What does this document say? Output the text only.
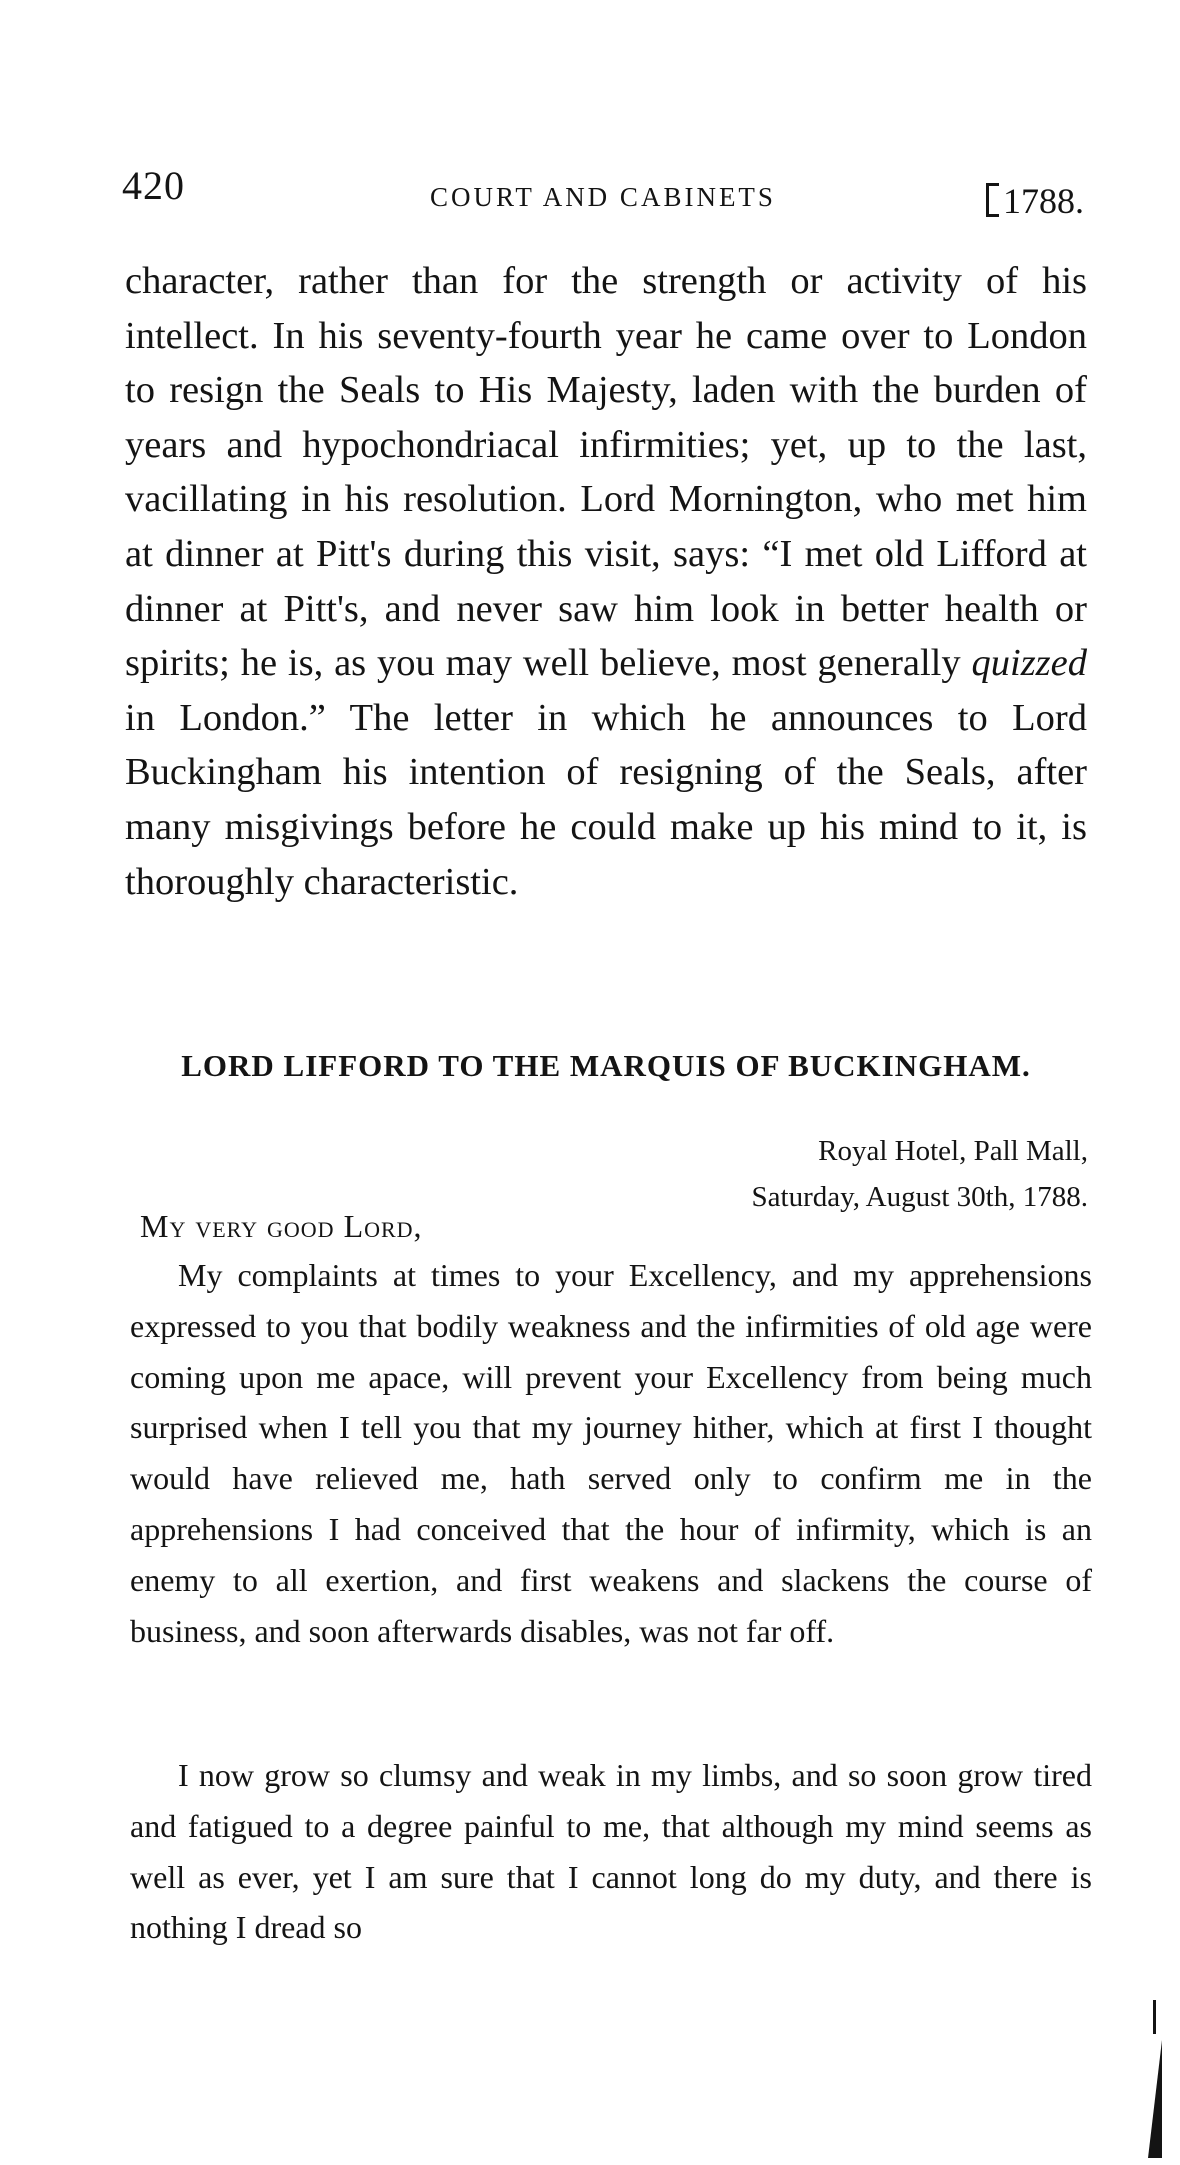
420	COURT AND CABINETS	1788.

character, rather than for the strength or activity of his intellect. In his seventy-fourth year he came over to London to resign the Seals to His Majesty, laden with the burden of years and hypochondriacal infirmities; yet, up to the last, vacillating in his resolution. Lord Mornington, who met him at dinner at Pitt's during this visit, says: “I met old Lifford at dinner at Pitt's, and never saw him look in better health or spirits; he is, as you may well believe, most generally quizzed in London.” The letter in which he announces to Lord Buckingham his intention of resigning of the Seals, after many misgivings before he could make up his mind to it, is thoroughly characteristic.

LORD LIFFORD TO THE MARQUIS OF BUCKINGHAM.
Royal Hotel, Pall Mall,
Saturday, August 30th, 1788.

My very good Lord,

My complaints at times to your Excellency, and my apprehensions expressed to you that bodily weakness and the infirmities of old age were coming upon me apace, will prevent your Excellency from being much surprised when I tell you that my journey hither, which at first I thought would have relieved me, hath served only to confirm me in the apprehensions I had conceived that the hour of infirmity, which is an enemy to all exertion, and first weakens and slackens the course of business, and soon afterwards disables, was not far off.

I now grow so clumsy and weak in my limbs, and so soon grow tired and fatigued to a degree painful to me, that although my mind seems as well as ever, yet I am sure that I cannot long do my duty, and there is nothing I dread so
